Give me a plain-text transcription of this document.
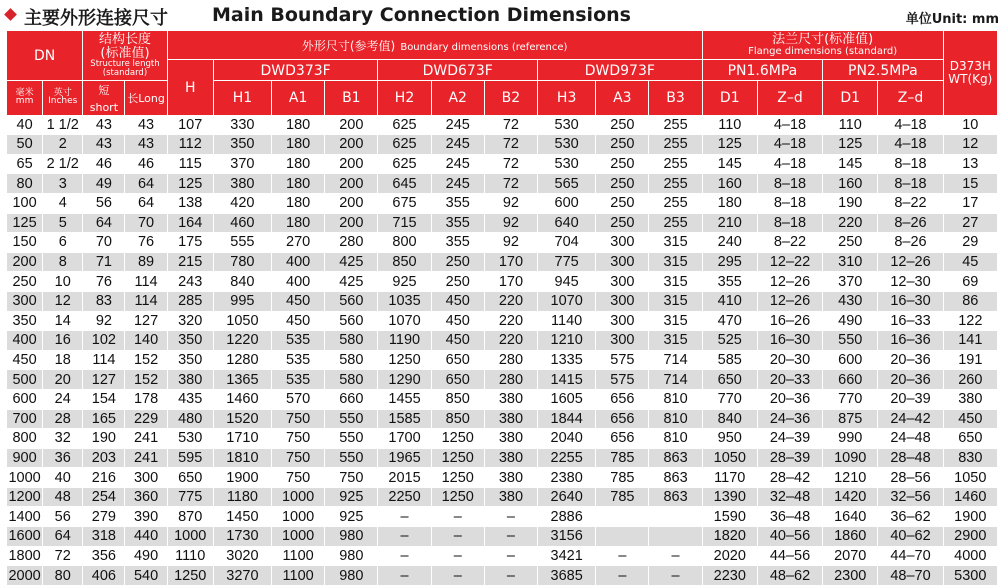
主要外形连接尺寸 Main Boundary Connection Dimensions	单位Unit: mm
DN		结构长度
(标准值)
Structure length (standard)		外形尺寸(参考值) Boundary dimensions (reference)										法兰尺寸(标准值)
Flange dimensions (standard)				D373H
WT(Kg)

				H	DWD373F			DWD673F			DWD973F			PN1.6MPa		PN2.5MPa		

毫米
mm	英寸
Inches	短 short	长Long		H1	A1	B1	H2	A2	B2	H3	A3	B3	D1	Z–d	D1	Z–d	
40	1 1/2	43	43	107	330	180	200	625	245	72	530	250	255	110	4–18	110	4–18	10
50	2	43	43	112	350	180	200	625	245	72	530	250	255	125	4–18	125	4–18	12
65	2 1/2	46	46	115	370	180	200	625	245	72	530	250	255	145	4–18	145	8–18	13
80	3	49	64	125	380	180	200	645	245	72	565	250	255	160	8–18	160	8–18	15
100	4	56	64	138	420	180	200	675	355	92	600	250	255	180	8–18	190	8–22	17
125	5	64	70	164	460	180	200	715	355	92	640	250	255	210	8–18	220	8–26	27
150	6	70	76	175	555	270	280	800	355	92	704	300	315	240	8–22	250	8–26	29
200	8	71	89	215	780	400	425	850	250	170	775	300	315	295	12–22	310	12–26	45
250	10	76	114	243	840	400	425	925	250	170	945	300	315	355	12–26	370	12–30	69
300	12	83	114	285	995	450	560	1035	450	220	1070	300	315	410	12–26	430	16–30	86
350	14	92	127	320	1050	450	560	1070	450	220	1140	300	315	470	16–26	490	16–33	122
400	16	102	140	350	1220	535	580	1190	450	220	1210	300	315	525	16–30	550	16–36	141
450	18	114	152	350	1280	535	580	1250	650	280	1335	575	714	585	20–30	600	20–36	191
500	20	127	152	380	1365	535	580	1290	650	280	1415	575	714	650	20–33	660	20–36	260
600	24	154	178	435	1460	570	660	1455	850	380	1605	656	810	770	20–36	770	20–39	380
700	28	165	229	480	1520	750	550	1585	850	380	1844	656	810	840	24–36	875	24–42	450
800	32	190	241	530	1710	750	550	1700	1250	380	2040	656	810	950	24–39	990	24–48	650
900	36	203	241	595	1810	750	550	1965	1250	380	2255	785	863	1050	28–39	1090	28–48	830
1000	40	216	300	650	1900	750	750	2015	1250	380	2380	785	863	1170	28–42	1210	28–56	1050
1200	48	254	360	775	1180	1000	925	2250	1250	380	2640	785	863	1390	32–48	1420	32–56	1460
1400	56	279	390	870	1450	1000	925	–	–	–	2886			1590	36–48	1640	36–62	1900
1600	64	318	440	1000	1730	1000	980	–	–	–	3156			1820	40–56	1860	40–62	2900
1800	72	356	490	1110	3020	1100	980	–	–	–	3421	–	–	2020	44–56	2070	44–70	4000
2000	80	406	540	1250	3270	1100	980	–	–	–	3685	–	–	2230	48–62	2300	48–70	5300
